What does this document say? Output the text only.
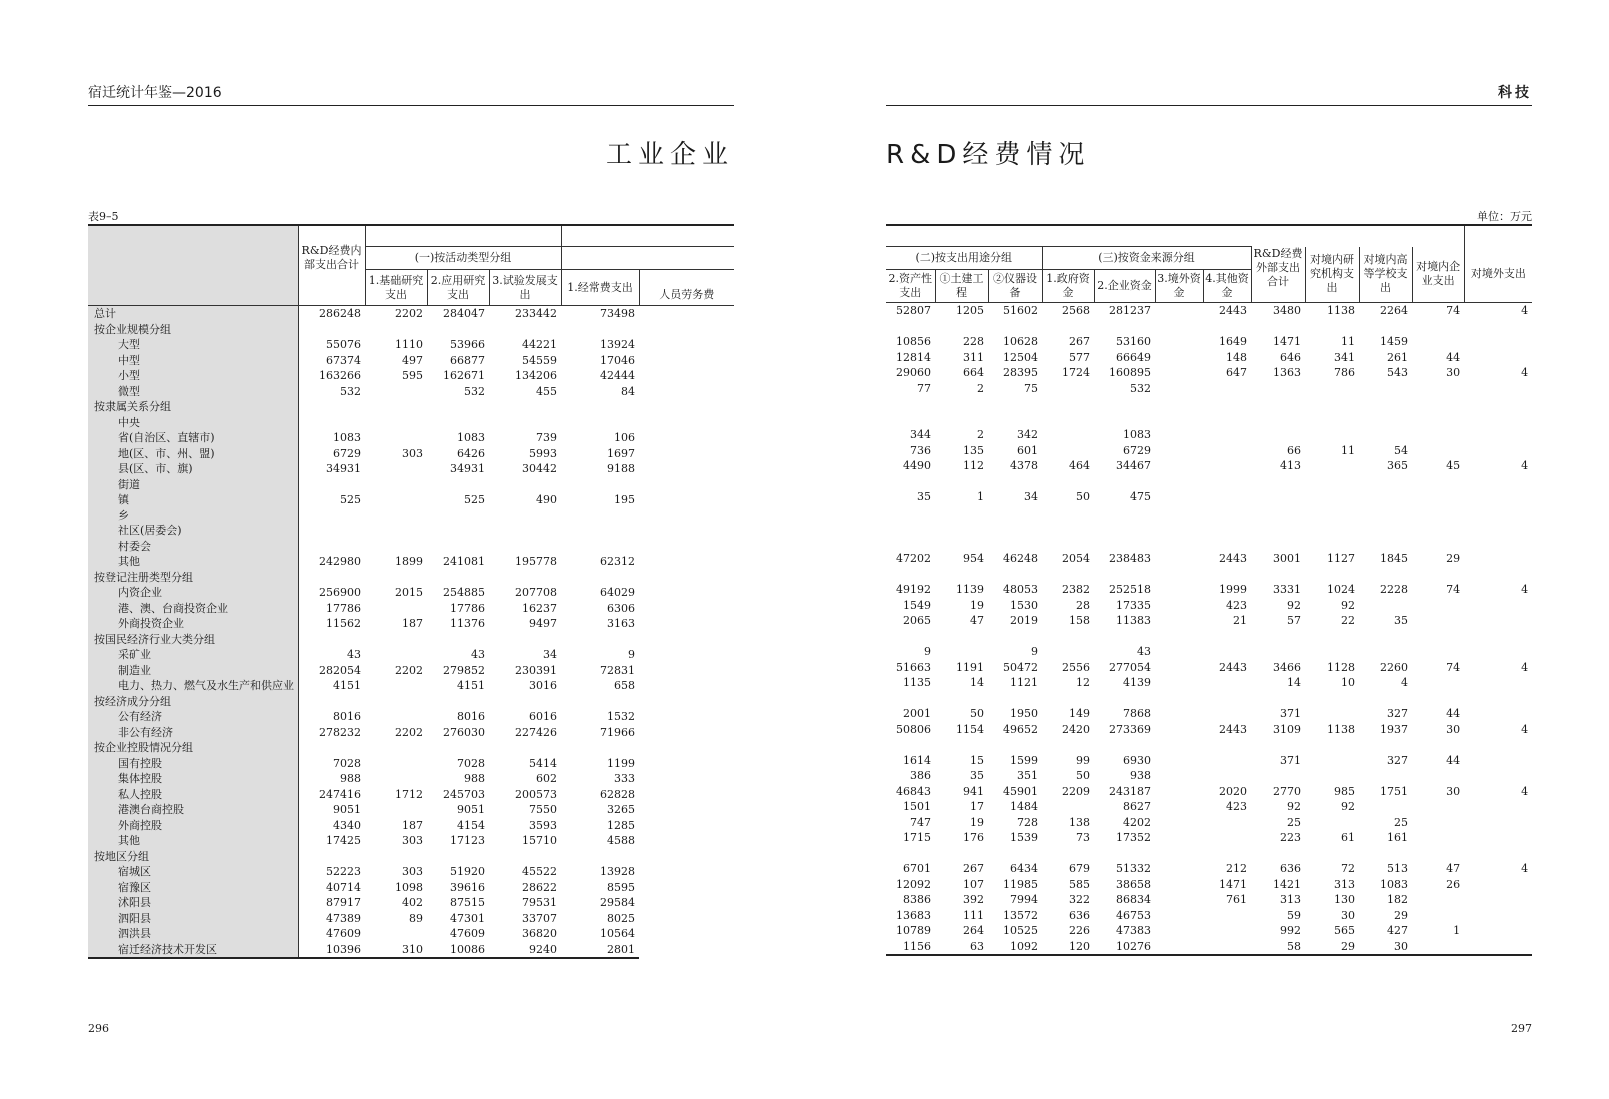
宿迁统计年鉴—2016
工业企业
表9–5
	R&D经费内部支出合计					
		(一)按活动类型分组				
		1.基础研究支出	2.应用研究支出	3.试验发展支出	1.经常费支出	人员劳务费
总计	286248	2202	284047	233442	73498	
按企业规模分组						
大型	55076	1110	53966	44221	13924	
中型	67374	497	66877	54559	17046	
小型	163266	595	162671	134206	42444	
微型	532		532	455	84	
按隶属关系分组						
中央						
省(自治区、直辖市)	1083		1083	739	106	
地(区、市、州、盟)	6729	303	6426	5993	1697	
县(区、市、旗)	34931		34931	30442	9188	
街道						
镇	525		525	490	195	
乡						
社区(居委会)						
村委会						
其他	242980	1899	241081	195778	62312	
按登记注册类型分组						
内资企业	256900	2015	254885	207708	64029	
港、澳、台商投资企业	17786		17786	16237	6306	
外商投资企业	11562	187	11376	9497	3163	
按国民经济行业大类分组						
采矿业	43		43	34	9	
制造业	282054	2202	279852	230391	72831	
电力、热力、燃气及水生产和供应业	4151		4151	3016	658	
按经济成分分组						
公有经济	8016		8016	6016	1532	
非公有经济	278232	2202	276030	227426	71966	
按企业控股情况分组						
国有控股	7028		7028	5414	1199	
集体控股	988		988	602	333	
私人控股	247416	1712	245703	200573	62828	
港澳台商控股	9051		9051	7550	3265	
外商控股	4340	187	4154	3593	1285	
其他	17425	303	17123	15710	4588	
按地区分组						
宿城区	52223	303	51920	45522	13928	
宿豫区	40714	1098	39616	28622	8595	
沭阳县	87917	402	87515	79531	29584	
泗阳县	47389	89	47301	33707	8025	
泗洪县	47609		47609	36820	10564	
宿迁经济技术开发区	10396	310	10086	9240	2801	
296
科技
R&D经费情况
单位：万元

(二)按支出用途分组			(三)按资金来源分组				R&D经费外部支出合计	对境内研究机构支出	对境内高等学校支出	对境内企业支出	对境外支出
2.资产性支出	①土建工程	②仪器设备	1.政府资金	2.企业资金	3.境外资金	4.其他资金					
52807	1205	51602	2568	281237		2443	3480	1138	2264	74	4

10856	228	10628	267	53160		1649	1471	11	1459		
12814	311	12504	577	66649		148	646	341	261	44	
29060	664	28395	1724	160895		647	1363	786	543	30	4
77	2	75		532							

344	2	342		1083							
736	135	601		6729			66	11	54		
4490	112	4378	464	34467			413		365	45	4

35	1	34	50	475							

47202	954	46248	2054	238483		2443	3001	1127	1845	29	

49192	1139	48053	2382	252518		1999	3331	1024	2228	74	4
1549	19	1530	28	17335		423	92	92			
2065	47	2019	158	11383		21	57	22	35		

9		9		43							
51663	1191	50472	2556	277054		2443	3466	1128	2260	74	4
1135	14	1121	12	4139			14	10	4		

2001	50	1950	149	7868			371		327	44	
50806	1154	49652	2420	273369		2443	3109	1138	1937	30	4

1614	15	1599	99	6930			371		327	44	
386	35	351	50	938							
46843	941	45901	2209	243187		2020	2770	985	1751	30	4
1501	17	1484		8627		423	92	92			
747	19	728	138	4202			25		25		
1715	176	1539	73	17352			223	61	161		

6701	267	6434	679	51332		212	636	72	513	47	4
12092	107	11985	585	38658		1471	1421	313	1083	26	
8386	392	7994	322	86834		761	313	130	182		
13683	111	13572	636	46753			59	30	29		
10789	264	10525	226	47383			992	565	427	1	
1156	63	1092	120	10276			58	29	30		
297
